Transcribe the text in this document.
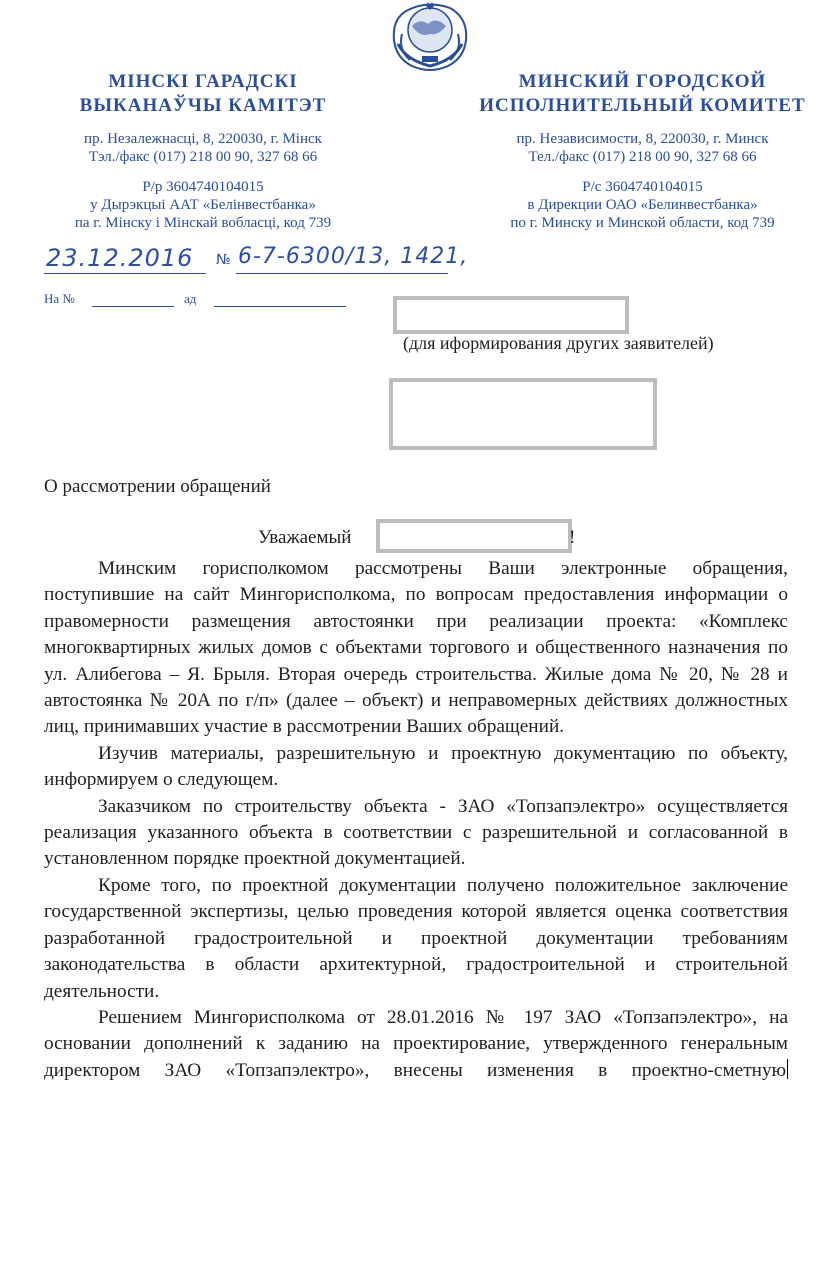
МІНСКІ ГАРАДСКІ
ВЫКАНАЎЧЫ КАМІТЭТ
пр. Незалежнасці, 8, 220030, г. Мінск
Тэл./факс (017) 218 00 90, 327 68 66
Р/р 3604740104015
у Дырэкцыі ААТ «Белінвестбанка»
па г. Мінску і Мінскай вобласці, код 739
МИНСКИЙ ГОРОДСКОЙ
ИСПОЛНИТЕЛЬНЫЙ КОМИТЕТ
пр. Независимости, 8, 220030, г. Минск
Тел./факс (017) 218 00 90, 327 68 66
Р/с 3604740104015
в Дирекции ОАО «Белинвестбанка»
по г. Минску и Минской области, код 739
23.12.2016 № 6-7-6300/13, 1421,
На №	ад
(для иформирования других заявителей)
О рассмотрении обращений
Уважаемый	!

Минским горисполкомом рассмотрены Ваши электронные обращения, поступившие на сайт Мингорисполкома, по вопросам предоставления информации о правомерности размещения автостоянки при реализации проекта: «Комплекс многоквартирных жилых домов с объектами торгового и общественного назначения по ул. Алибегова – Я. Брыля. Вторая очередь строительства. Жилые дома № 20, № 28 и автостоянка № 20А по г/п» (далее – объект) и неправомерных действиях должностных лиц, принимавших участие в рассмотрении Ваших обращений.

Изучив материалы, разрешительную и проектную документацию по объекту, информируем о следующем.

Заказчиком по строительству объекта - ЗАО «Топзапэлектро» осуществляется реализация указанного объекта в соответствии с разрешительной и согласованной в установленном порядке проектной документацией.

Кроме того, по проектной документации получено положительное заключение государственной экспертизы, целью проведения которой является оценка соответствия разработанной градостроительной и проектной документации требованиям законодательства в области архитектурной, градостроительной и строительной деятельности.

Решением Мингорисполкома от 28.01.2016 № 197 ЗАО «Топзапэлектро», на основании дополнений к заданию на проектирование, утвержденного генеральным директором ЗАО «Топзапэлектро», внесены изменения в проектно-сметную
